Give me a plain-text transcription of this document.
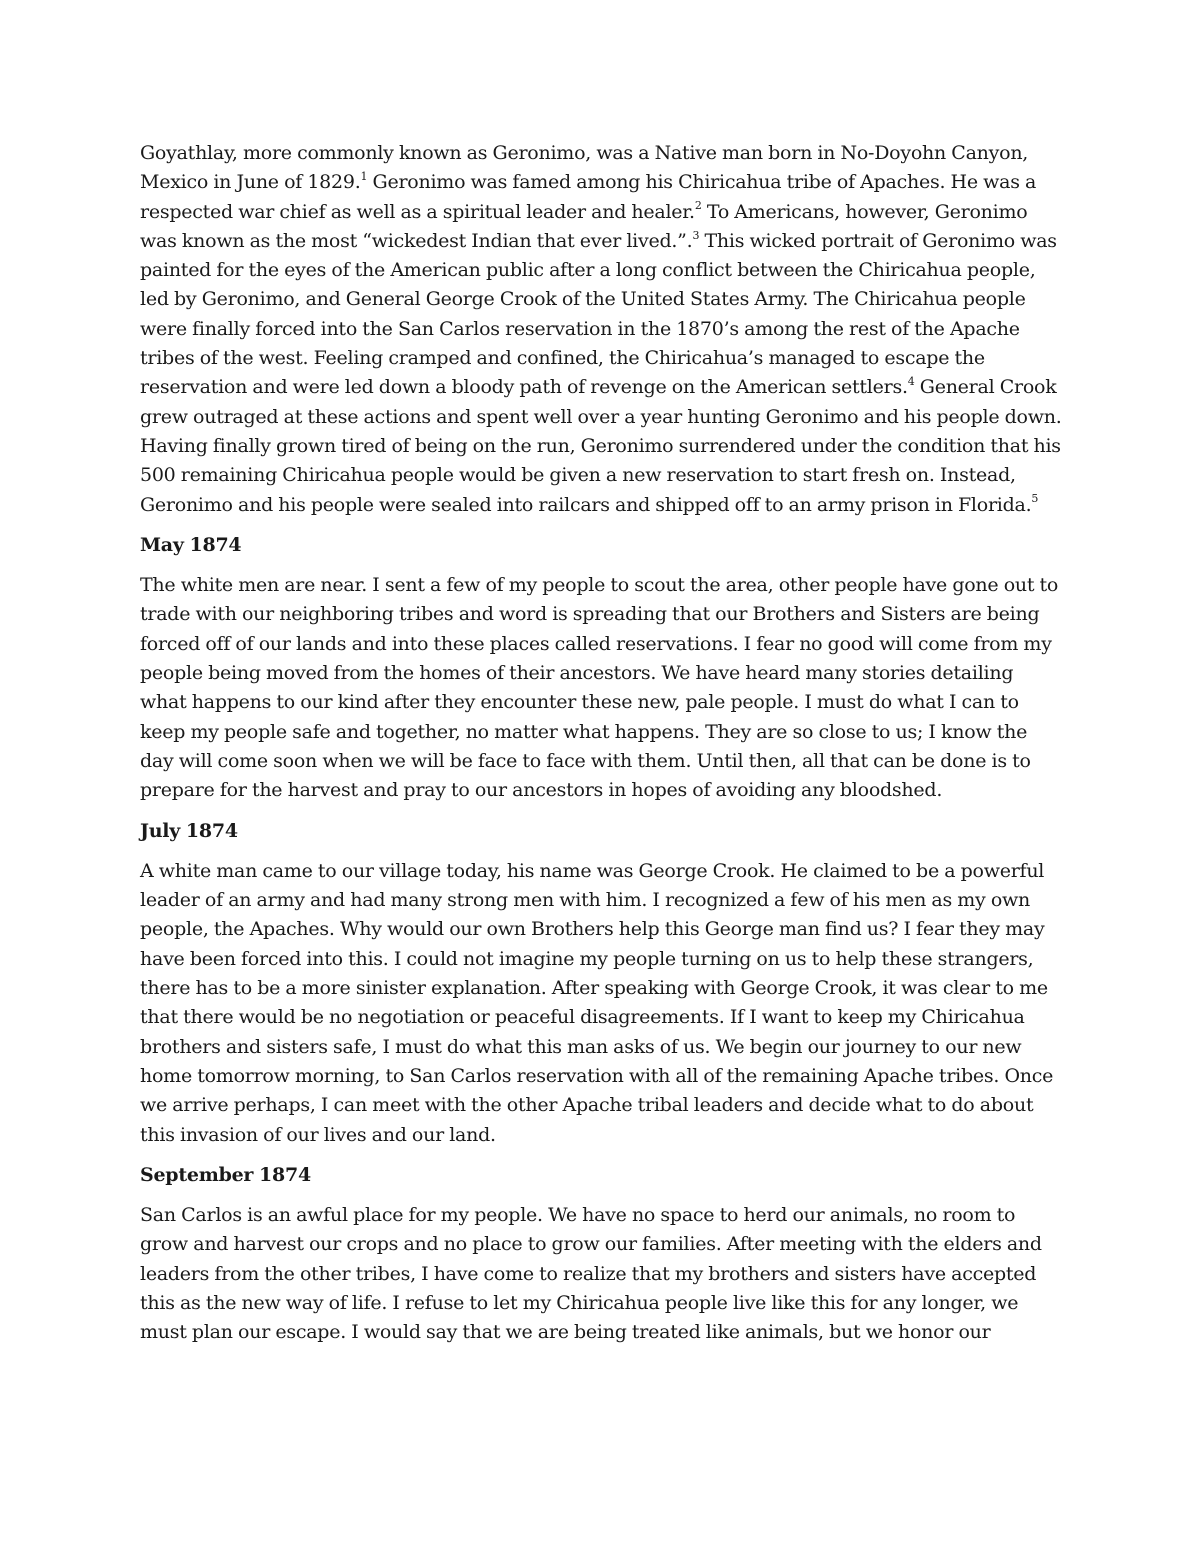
Goyathlay, more commonly known as Geronimo, was a Native man born in No-Doyohn Canyon, Mexico in June of 1829.$^1$ Geronimo was famed among his Chiricahua tribe of Apaches. He was a respected war chief as well as a spiritual leader and healer.$^2$ To Americans, however, Geronimo was known as the most “wickedest Indian that ever lived.”.$^3$ This wicked portrait of Geronimo was painted for the eyes of the American public after a long conflict between the Chiricahua people, led by Geronimo, and General George Crook of the United States Army. The Chiricahua people were finally forced into the San Carlos reservation in the 1870’s among the rest of the Apache tribes of the west. Feeling cramped and confined, the Chiricahua’s managed to escape the reservation and were led down a bloody path of revenge on the American settlers.$^4$ General Crook grew outraged at these actions and spent well over a year hunting Geronimo and his people down. Having finally grown tired of being on the run, Geronimo surrendered under the condition that his 500 remaining Chiricahua people would be given a new reservation to start fresh on. Instead, Geronimo and his people were sealed into railcars and shipped off to an army prison in Florida.$^5$

May 1874

The white men are near. I sent a few of my people to scout the area, other people have gone out to trade with our neighboring tribes and word is spreading that our Brothers and Sisters are being forced off of our lands and into these places called reservations. I fear no good will come from my people being moved from the homes of their ancestors. We have heard many stories detailing what happens to our kind after they encounter these new, pale people. I must do what I can to keep my people safe and together, no matter what happens. They are so close to us; I know the day will come soon when we will be face to face with them. Until then, all that can be done is to prepare for the harvest and pray to our ancestors in hopes of avoiding any bloodshed.

July 1874

A white man came to our village today, his name was George Crook. He claimed to be a powerful leader of an army and had many strong men with him. I recognized a few of his men as my own people, the Apaches. Why would our own Brothers help this George man find us? I fear they may have been forced into this. I could not imagine my people turning on us to help these strangers, there has to be a more sinister explanation. After speaking with George Crook, it was clear to me that there would be no negotiation or peaceful disagreements. If I want to keep my Chiricahua brothers and sisters safe, I must do what this man asks of us. We begin our journey to our new home tomorrow morning, to San Carlos reservation with all of the remaining Apache tribes. Once we arrive perhaps, I can meet with the other Apache tribal leaders and decide what to do about this invasion of our lives and our land.

September 1874

San Carlos is an awful place for my people. We have no space to herd our animals, no room to grow and harvest our crops and no place to grow our families. After meeting with the elders and leaders from the other tribes, I have come to realize that my brothers and sisters have accepted this as the new way of life. I refuse to let my Chiricahua people live like this for any longer, we must plan our escape. I would say that we are being treated like animals, but we honor our
